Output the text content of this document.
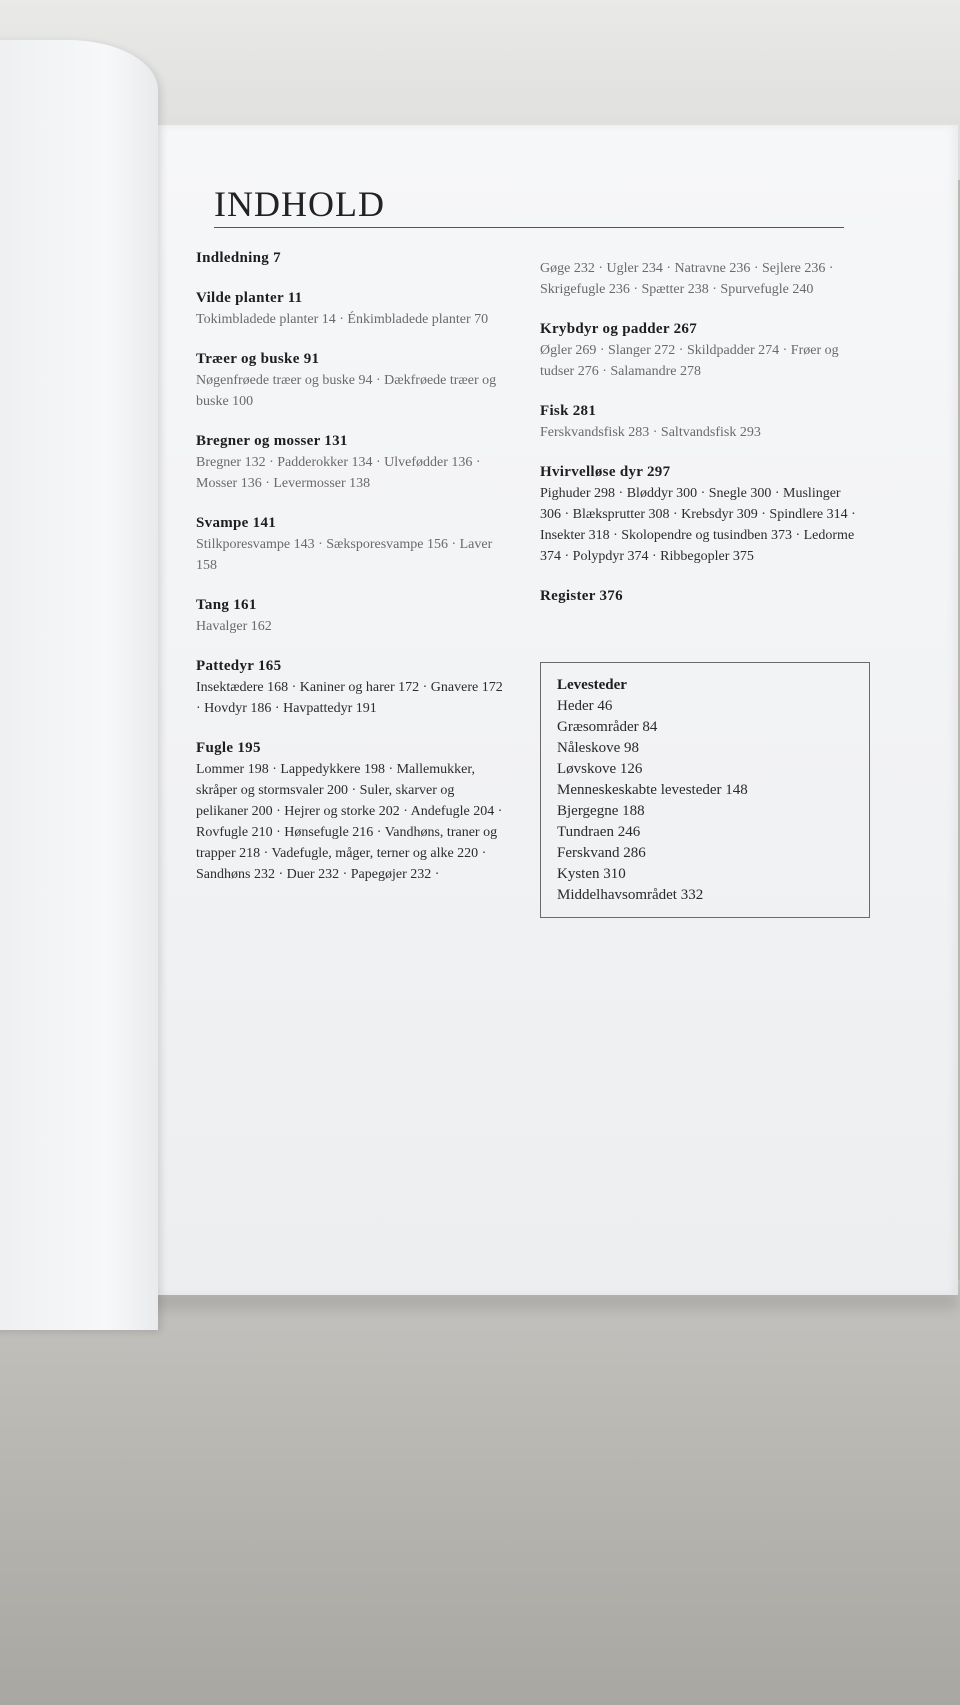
INDHOLD
Indledning 7
Vilde planter 11
Tokimbladede planter 14 · Énkimbladede planter 70
Træer og buske 91
Nøgenfrøede træer og buske 94 · Dækfrøede træer og buske 100
Bregner og mosser 131
Bregner 132 · Padderokker 134 · Ulvefødder 136 · Mosser 136 · Levermosser 138
Svampe 141
Stilkporesvampe 143 · Sæksporesvampe 156 · Laver 158
Tang 161
Havalger 162
Pattedyr 165
Insektædere 168 · Kaniner og harer 172 · Gnavere 172 · Hovdyr 186 · Havpattedyr 191
Fugle 195
Lommer 198 · Lappedykkere 198 · Mallemukker, skråper og stormsvaler 200 · Suler, skarver og pelikaner 200 · Hejrer og storke 202 · Andefugle 204 · Rovfugle 210 · Hønsefugle 216 · Vandhøns, traner og trapper 218 · Vadefugle, måger, terner og alke 220 · Sandhøns 232 · Duer 232 · Papegøjer 232 ·
Gøge 232 · Ugler 234 · Natravne 236 · Sejlere 236 · Skrigefugle 236 · Spætter 238 · Spurvefugle 240
Krybdyr og padder 267
Øgler 269 · Slanger 272 · Skildpadder 274 · Frøer og tudser 276 · Salamandre 278
Fisk 281
Ferskvandsfisk 283 · Saltvandsfisk 293
Hvirvelløse dyr 297
Pighuder 298 · Bløddyr 300 · Snegle 300 · Muslinger 306 · Blæksprutter 308 · Krebsdyr 309 · Spindlere 314 · Insekter 318 · Skolopendre og tusindben 373 · Ledorme 374 · Polypdyr 374 · Ribbegopler 375
Register 376
Levesteder
Heder 46
Græsområder 84
Nåleskove 98
Løvskove 126
Menneskeskabte levesteder 148
Bjergegne 188
Tundraen 246
Ferskvand 286
Kysten 310
Middelhavsområdet 332
